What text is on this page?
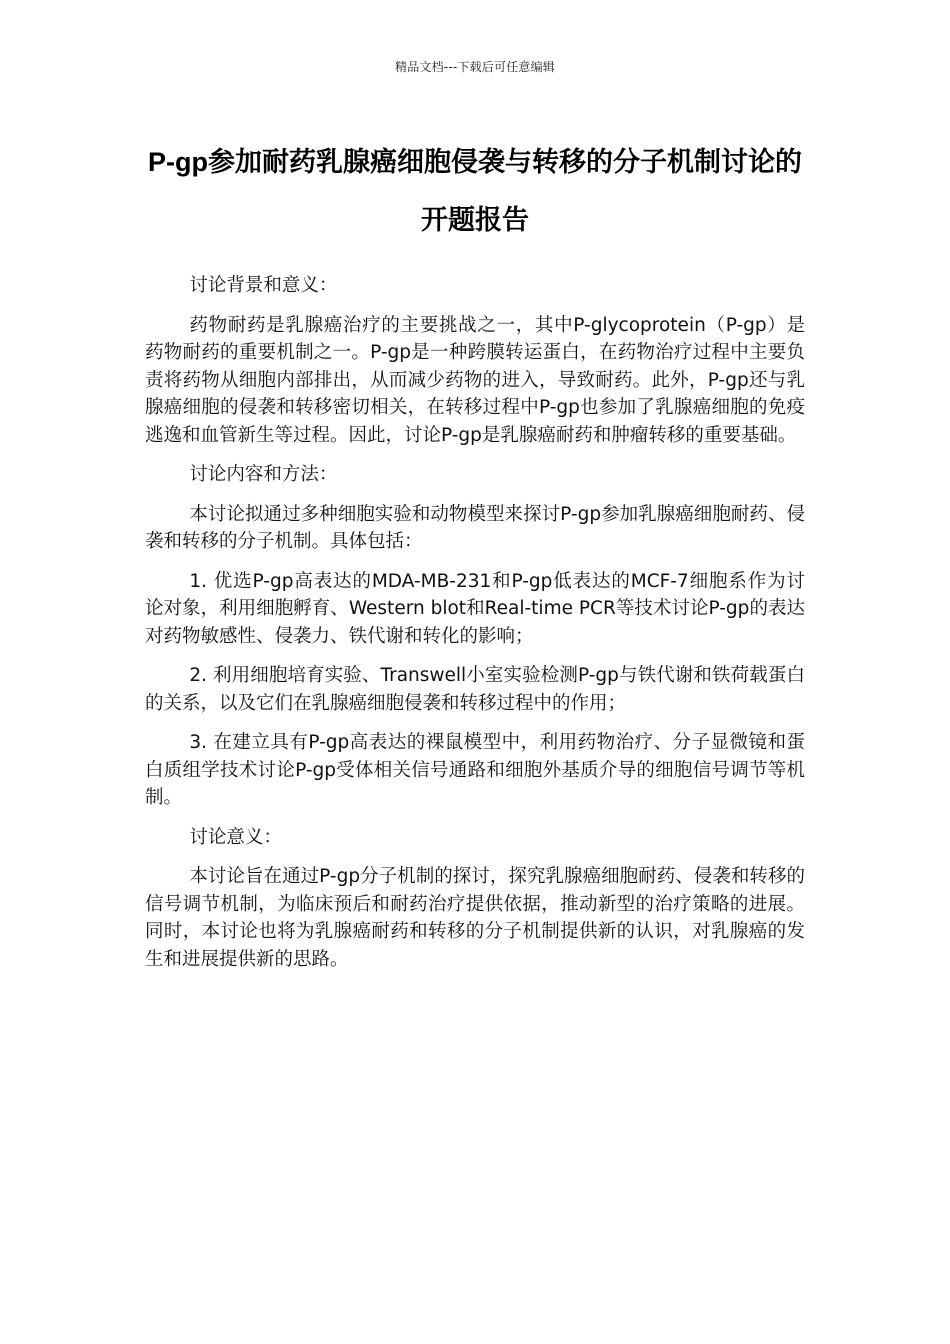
精品文档---下载后可任意编辑
P-gp参加耐药乳腺癌细胞侵袭与转移的分子机制讨论的开题报告

讨论背景和意义：

药物耐药是乳腺癌治疗的主要挑战之一，其中P-glycoprotein（P-gp）是药物耐药的重要机制之一。P-gp是一种跨膜转运蛋白，在药物治疗过程中主要负责将药物从细胞内部排出，从而减少药物的进入，导致耐药。此外，P-gp还与乳腺癌细胞的侵袭和转移密切相关，在转移过程中P-gp也参加了乳腺癌细胞的免疫逃逸和血管新生等过程。因此，讨论P-gp是乳腺癌耐药和肿瘤转移的重要基础。

讨论内容和方法：

本讨论拟通过多种细胞实验和动物模型来探讨P-gp参加乳腺癌细胞耐药、侵袭和转移的分子机制。具体包括：

1. 优选P-gp高表达的MDA-MB-231和P-gp低表达的MCF-7细胞系作为讨论对象，利用细胞孵育、Western blot和Real-time PCR等技术讨论P-gp的表达对药物敏感性、侵袭力、铁代谢和转化的影响；

2. 利用细胞培育实验、Transwell小室实验检测P-gp与铁代谢和铁荷载蛋白的关系，以及它们在乳腺癌细胞侵袭和转移过程中的作用；

3. 在建立具有P-gp高表达的裸鼠模型中，利用药物治疗、分子显微镜和蛋白质组学技术讨论P-gp受体相关信号通路和细胞外基质介导的细胞信号调节等机制。

讨论意义：

本讨论旨在通过P-gp分子机制的探讨，探究乳腺癌细胞耐药、侵袭和转移的信号调节机制，为临床预后和耐药治疗提供依据，推动新型的治疗策略的进展。同时，本讨论也将为乳腺癌耐药和转移的分子机制提供新的认识，对乳腺癌的发生和进展提供新的思路。
